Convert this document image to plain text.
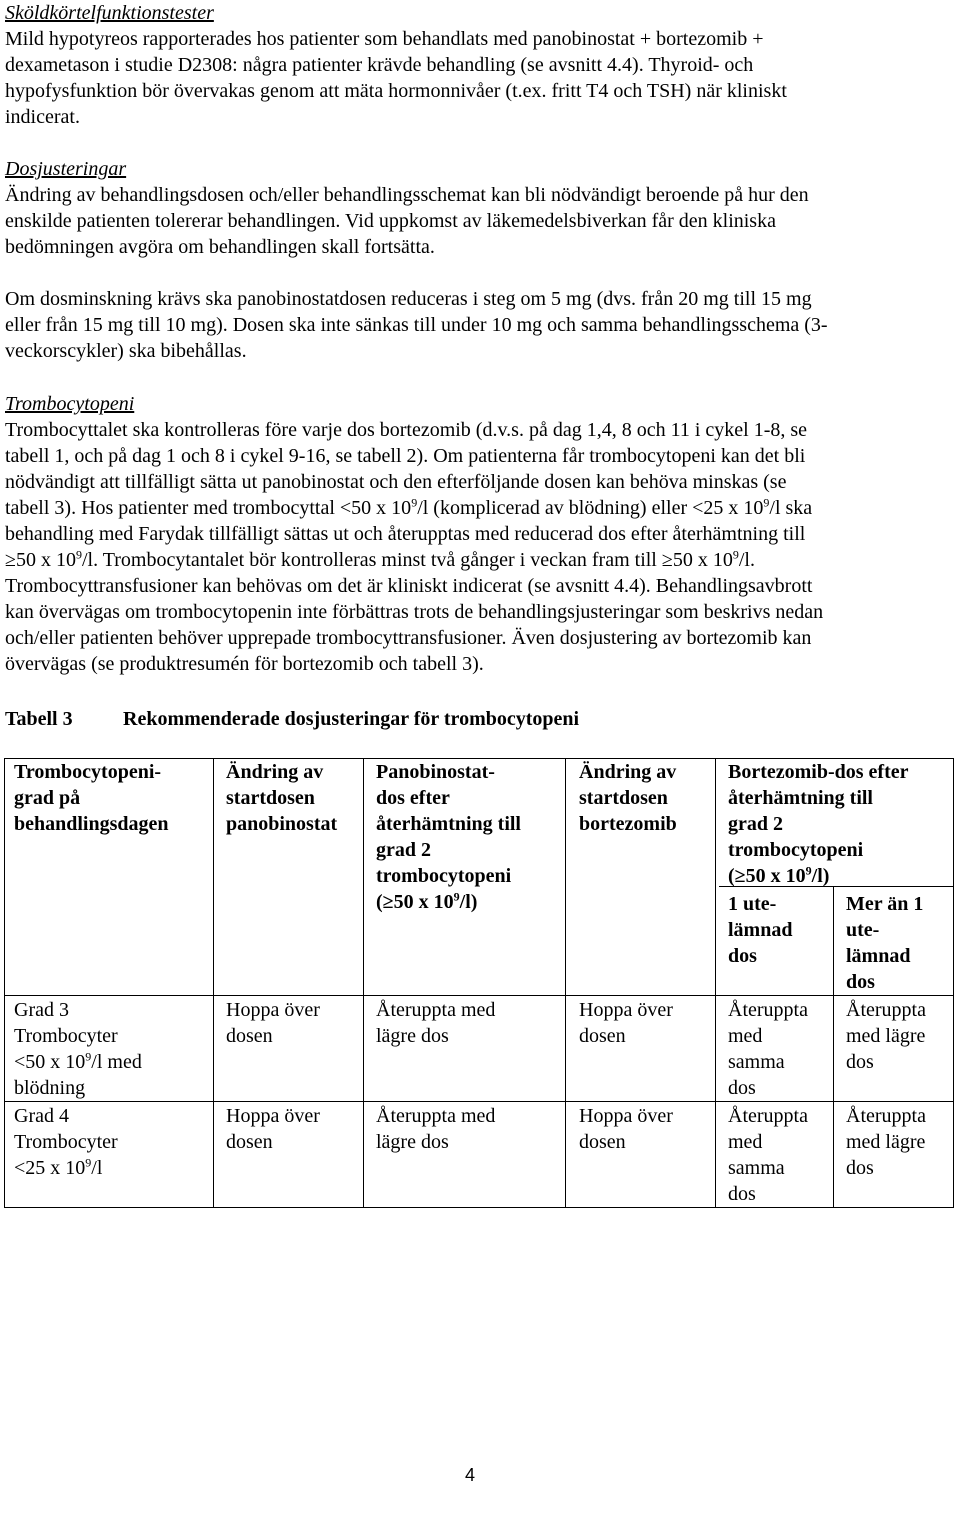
Sköldkörtelfunktionstester
Mild hypotyreos rapporterades hos patienter som behandlats med panobinostat + bortezomib +
dexametason i studie D2308: några patienter krävde behandling (se avsnitt 4.4). Thyroid- och
hypofysfunktion bör övervakas genom att mäta hormonnivåer (t.ex. fritt T4 och TSH) när kliniskt
indicerat.
Dosjusteringar
Ändring av behandlingsdosen och/eller behandlingsschemat kan bli nödvändigt beroende på hur den
enskilde patienten tolererar behandlingen. Vid uppkomst av läkemedelsbiverkan får den kliniska
bedömningen avgöra om behandlingen skall fortsätta.
Om dosminskning krävs ska panobinostatdosen reduceras i steg om 5 mg (dvs. från 20 mg till 15 mg
eller från 15 mg till 10 mg). Dosen ska inte sänkas till under 10 mg och samma behandlingsschema (3-
veckorscykler) ska bibehållas.
Trombocytopeni
Trombocyttalet ska kontrolleras före varje dos bortezomib (d.v.s. på dag 1,4, 8 och 11 i cykel 1-8, se
tabell 1, och på dag 1 och 8 i cykel 9-16, se tabell 2). Om patienterna får trombocytopeni kan det bli
nödvändigt att tillfälligt sätta ut panobinostat och den efterföljande dosen kan behöva minskas (se
tabell 3). Hos patienter med trombocyttal <50 x $10^9/l$ (komplicerad av blödning) eller <25 x $10^9/l$ ska
behandling med Farydak tillfälligt sättas ut och återupptas med reducerad dos efter återhämtning till
≥50 x $10^9/l$. Trombocytantalet bör kontrolleras minst två gånger i veckan fram till ≥50 x $10^9/l$.
Trombocyttransfusioner kan behövas om det är kliniskt indicerat (se avsnitt 4.4). Behandlingsavbrott
kan övervägas om trombocytopenin inte förbättras trots de behandlingsjusteringar som beskrivs nedan
och/eller patienten behöver upprepade trombocyttransfusioner. Även dosjustering av bortezomib kan
övervägas (se produktresumén för bortezomib och tabell 3).
Tabell 3	Rekommenderade dosjusteringar för trombocytopeni
Trombocytopeni-
grad på
behandlingsdagen
Ändring av
startdosen
panobinostat
Panobinostat-
dos efter
återhämtning till
grad 2
trombocytopeni
(≥50 x $10^9/l$)
Ändring av
startdosen
bortezomib
Bortezomib-dos efter
återhämtning till
grad 2
trombocytopeni
(≥50 x $10^9/l$)
1 ute-
lämnad
dos
Mer än 1
ute-
lämnad
dos
Grad 3
Trombocyter
<50 x $10^9/l$ med
blödning
Hoppa över
dosen
Återuppta med
lägre dos
Hoppa över
dosen
Återuppta
med
samma
dos
Återuppta
med lägre
dos
Grad 4
Trombocyter
<25 x $10^9/l$
Hoppa över
dosen
Återuppta med
lägre dos
Hoppa över
dosen
Återuppta
med
samma
dos
Återuppta
med lägre
dos
4
